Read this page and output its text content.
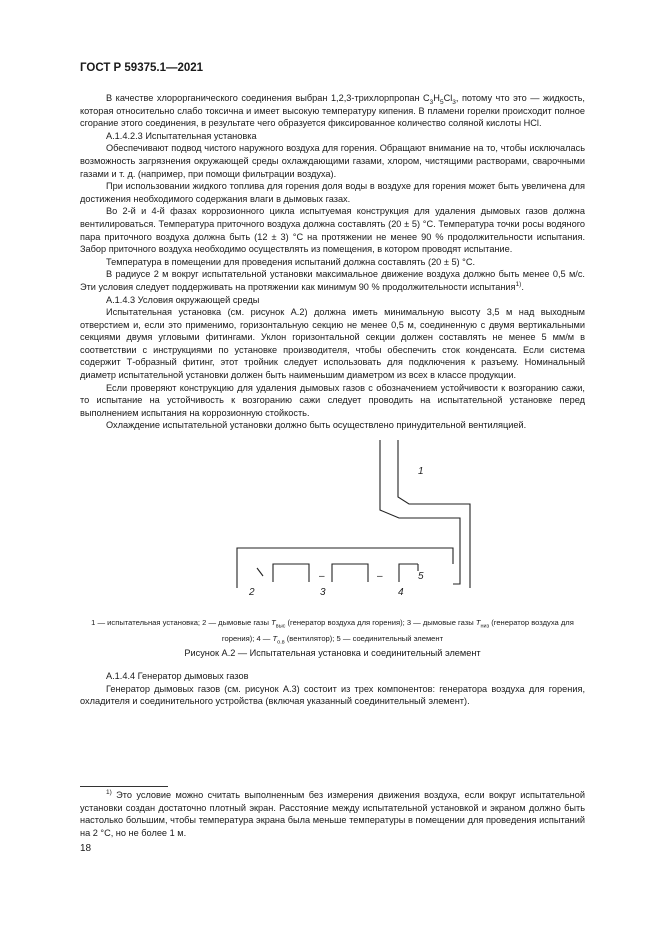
ГОСТ Р 59375.1—2021

В качестве хлорорганического соединения выбран 1,2,3-трихлорпропан $C_3H_5Cl_3$, потому что это — жидкость, которая относительно слабо токсична и имеет высокую температуру кипения. В пламени горелки происходит полное сгорание этого соединения, в результате чего образуется фиксированное количество соляной кислоты HCl.

А.1.4.2.3 Испытательная установка

Обеспечивают подвод чистого наружного воздуха для горения. Обращают внимание на то, чтобы исключалась возможность загрязнения окружающей среды охлаждающими газами, хлором, чистящими растворами, сварочными газами и т. д. (например, при помощи фильтрации воздуха).

При использовании жидкого топлива для горения доля воды в воздухе для горения может быть увеличена для достижения необходимого содержания влаги в дымовых газах.

Во 2-й и 4-й фазах коррозионного цикла испытуемая конструкция для удаления дымовых газов должна вентилироваться. Температура приточного воздуха должна составлять (20 ± 5) °С. Температура точки росы водяного пара приточного воздуха должна быть (12 ± 3) °С на протяжении не менее 90 % продолжительности испытания. Забор приточного воздуха необходимо осуществлять из помещения, в котором проводят испытание.

Температура в помещении для проведения испытаний должна составлять (20 ± 5) °С.

В радиусе 2 м вокруг испытательной установки максимальное движение воздуха должно быть менее 0,5 м/с. Эти условия следует поддерживать на протяжении как минимум 90 % продолжительности испытания$^{1)}$.

А.1.4.3 Условия окружающей среды

Испытательная установка (см. рисунок А.2) должна иметь минимальную высоту 3,5 м над выходным отверстием и, если это применимо, горизонтальную секцию не менее 0,5 м, соединенную с двумя вертикальными секциями двумя угловыми фитингами. Уклон горизонтальной секции должен составлять не менее 5 мм/м в соответствии с инструкциями по установке производителя, чтобы обеспечить сток конденсата. Если система содержит Т-образный фитинг, этот тройник следует использовать для подключения к разъему. Номинальный диаметр испытательной установки должен быть наименьшим диаметром из всех в классе продукции.

Если проверяют конструкцию для удаления дымовых газов с обозначением устойчивости к возгоранию сажи, то испытание на устойчивость к возгоранию сажи следует проводить на испытательной установке перед выполнением испытания на коррозионную стойкость.

Охлаждение испытательной установки должно быть осуществлено принудительной вентиляцией.

1
2	3	4
5
–	–
1 — испытательная установка; 2 — дымовые газы $T_{выс}$ (генератор воздуха для горения); 3 — дымовые газы $T_{низ}$ (генератор воздуха для горения); 4 — $T_{о.в}$ (вентилятор); 5 — соединительный элемент
Рисунок А.2 — Испытательная установка и соединительный элемент

А.1.4.4 Генератор дымовых газов

Генератор дымовых газов (см. рисунок А.3) состоит из трех компонентов: генератора воздуха для горения, охладителя и соединительного устройства (включая указанный соединительный элемент).

$^{1)}$ Это условие можно считать выполненным без измерения движения воздуха, если вокруг испытательной установки создан достаточно плотный экран. Расстояние между испытательной установкой и экраном должно быть настолько большим, чтобы температура экрана была меньше температуры в помещении для проведения испытаний на 2 °С, но не более 1 м.

18
